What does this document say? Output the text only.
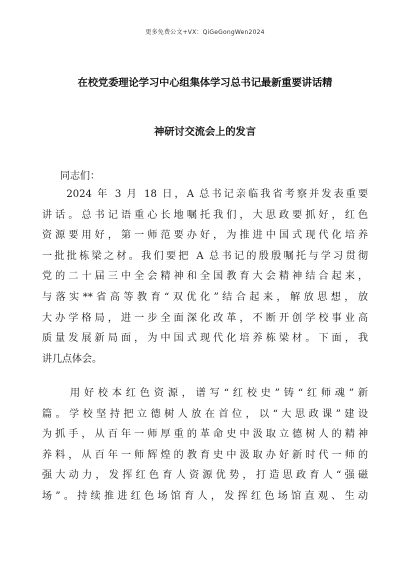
更多免费公文+VX：QiGeGongWen2024
在校党委理论学习中心组集体学习总书记最新重要讲话精
神研讨交流会上的发言
同志们：
　　2024 年 3 月 18 日，A 总书记亲临我省考察并发表重要
讲话。总书记语重心长地嘱托我们，大思政要抓好，红色
资源要用好，第一师范要办好，为推进中国式现代化培养
一批批栋梁之材。我们要把 A 总书记的殷殷嘱托与学习贯彻
党的二十届三中全会精神和全国教育大会精神结合起来，
与落实**省高等教育“双优化”结合起来，解放思想，放
大办学格局，进一步全面深化改革，不断开创学校事业高
质量发展新局面，为中国式现代化培养栋梁材。下面，我
讲几点体会。
　　用好校本红色资源，谱写“红校史”铸“红师魂”新
篇。学校坚持把立德树人放在首位，以“大思政课”建设
为抓手，从百年一师厚重的革命史中汲取立德树人的精神
养料，从百年一师辉煌的教育史中汲取办好新时代一师的
强大动力，发挥红色育人资源优势，打造思政育人“强磁
场”。持续推进红色场馆育人，发挥红色场馆直观、生动
